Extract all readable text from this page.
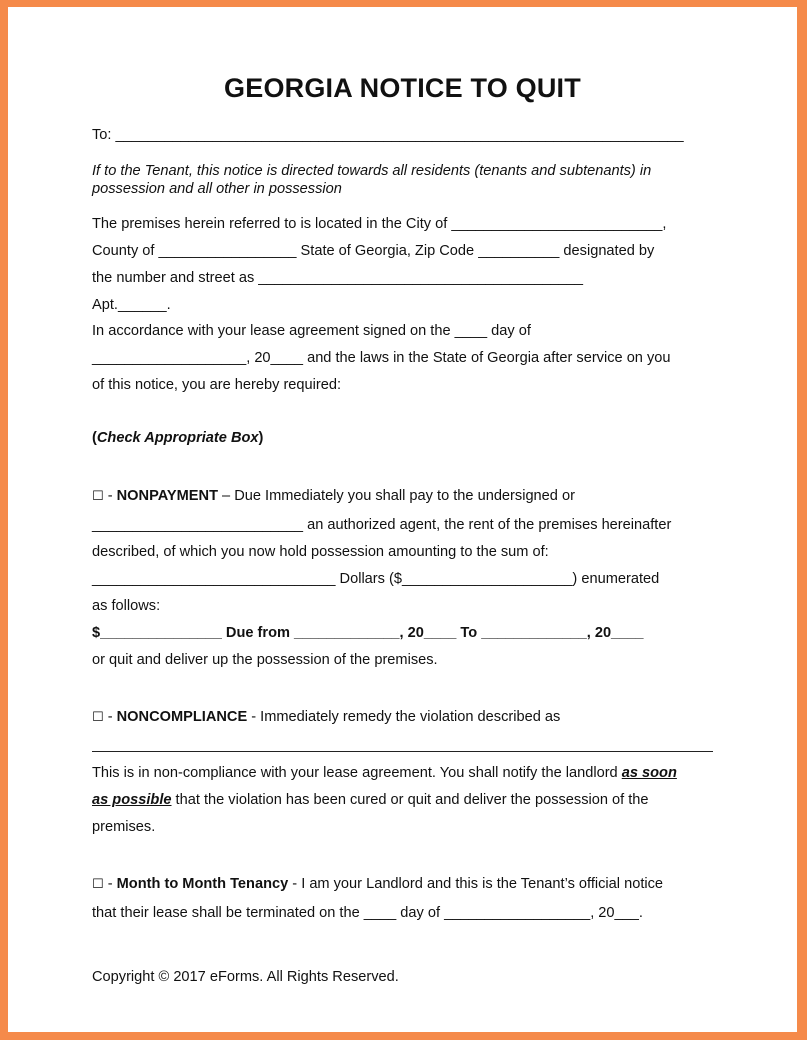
GEORGIA NOTICE TO QUIT
To: ______________________________________________________________________
If to the Tenant, this notice is directed towards all residents (tenants and subtenants) in
possession and all other in possession
The premises herein referred to is located in the City of __________________________,
County of _________________ State of Georgia, Zip Code __________ designated by
the number and street as ________________________________________
Apt.______.
In accordance with your lease agreement signed on the ____ day of
___________________, 20____ and the laws in the State of Georgia after service on you
of this notice, you are hereby required:
(Check Appropriate Box)
☐ - NONPAYMENT – Due Immediately you shall pay to the undersigned or
__________________________ an authorized agent, the rent of the premises hereinafter
described, of which you now hold possession amounting to the sum of:
______________________________ Dollars ($_____________________) enumerated
as follows:
$_______________ Due from _____________, 20____ To _____________, 20____
or quit and deliver up the possession of the premises.
☐ - NONCOMPLIANCE - Immediately remedy the violation described as
This is in non-compliance with your lease agreement. You shall notify the landlord as soon
as possible that the violation has been cured or quit and deliver the possession of the
premises.
☐ - Month to Month Tenancy - I am your Landlord and this is the Tenant’s official notice
that their lease shall be terminated on the ____ day of __________________, 20___.
Copyright © 2017 eForms. All Rights Reserved.
